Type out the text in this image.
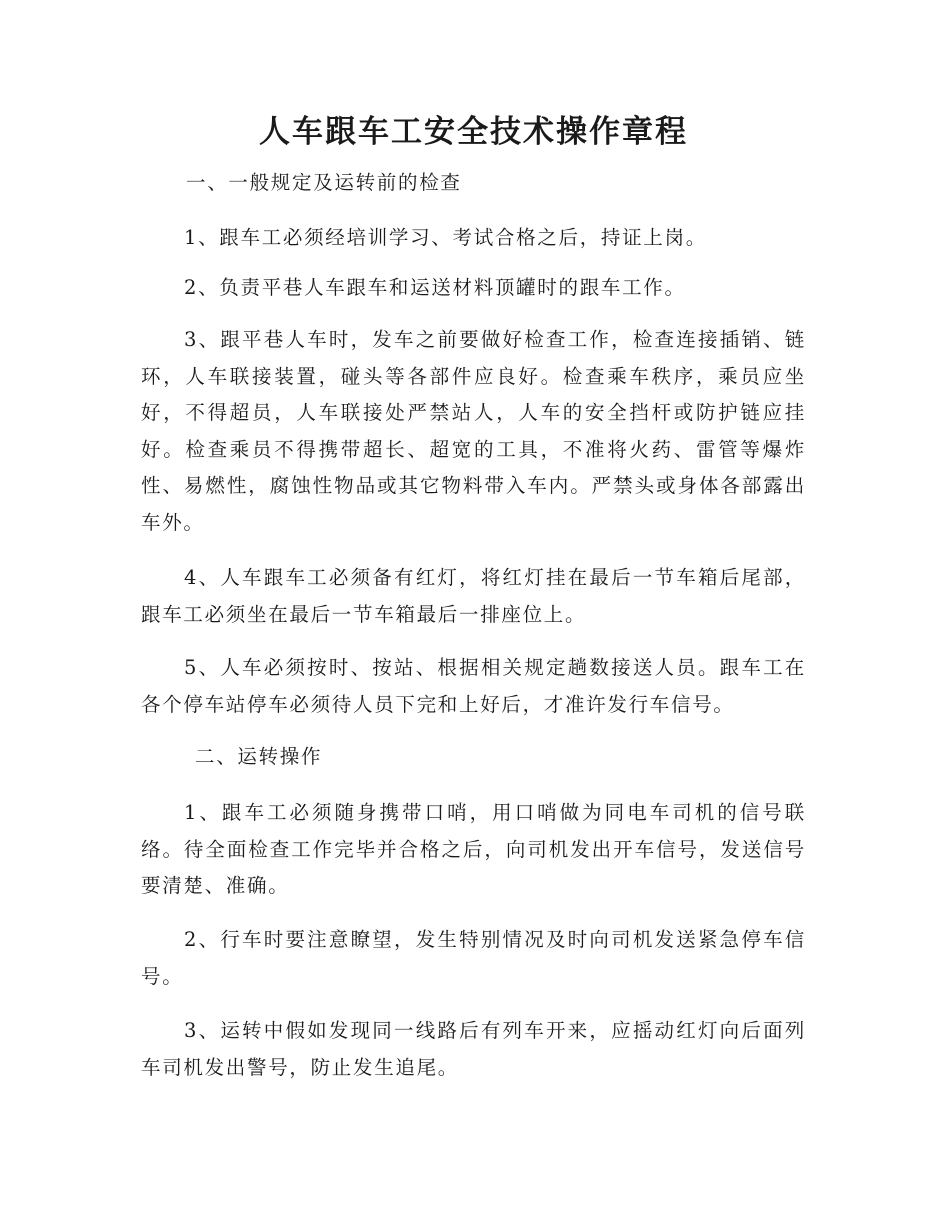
人车跟车工安全技术操作章程

一、一般规定及运转前的检查

1、跟车工必须经培训学习、考试合格之后，持证上岗。

2、负责平巷人车跟车和运送材料顶罐时的跟车工作。

3、跟平巷人车时，发车之前要做好检查工作，检查连接插销、链环，人车联接装置，碰头等各部件应良好。检查乘车秩序，乘员应坐好，不得超员，人车联接处严禁站人，人车的安全挡杆或防护链应挂好。检查乘员不得携带超长、超宽的工具，不准将火药、雷管等爆炸性、易燃性，腐蚀性物品或其它物料带入车内。严禁头或身体各部露出车外。

4、人车跟车工必须备有红灯，将红灯挂在最后一节车箱后尾部，跟车工必须坐在最后一节车箱最后一排座位上。

5、人车必须按时、按站、根据相关规定趟数接送人员。跟车工在各个停车站停车必须待人员下完和上好后，才准许发行车信号。

二、运转操作

1、跟车工必须随身携带口哨，用口哨做为同电车司机的信号联络。待全面检查工作完毕并合格之后，向司机发出开车信号，发送信号要清楚、准确。

2、行车时要注意瞭望，发生特别情况及时向司机发送紧急停车信号。

3、运转中假如发现同一线路后有列车开来，应摇动红灯向后面列车司机发出警号，防止发生追尾。
